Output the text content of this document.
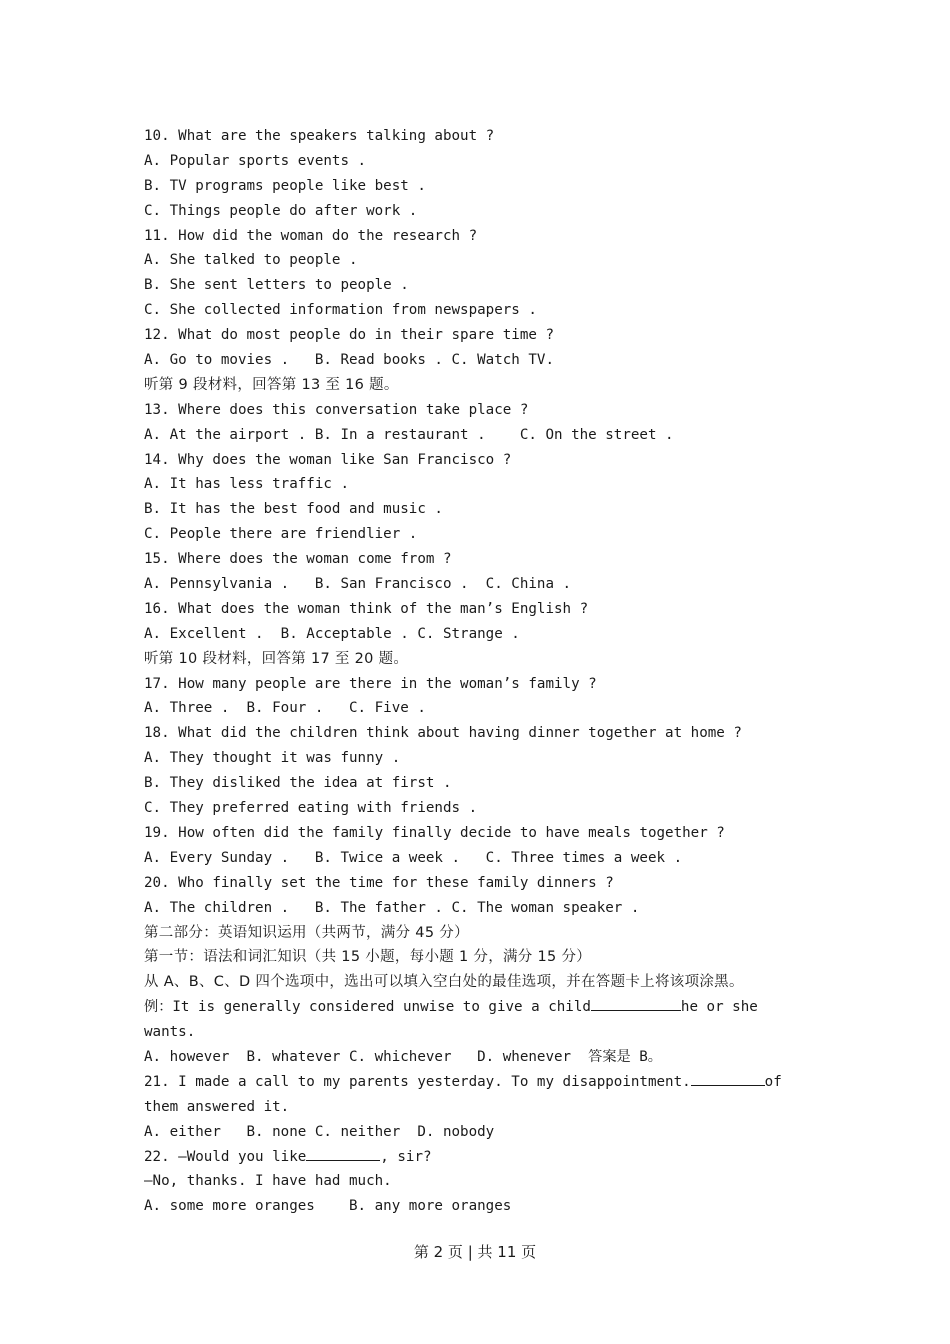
10. What are the speakers talking about ?
A. Popular sports events .
B. TV programs people like best .
C. Things people do after work .
11. How did the woman do the research ?
A. She talked to people .
B. She sent letters to people .
C. She collected information from newspapers .
12. What do most people do in their spare time ?
A. Go to movies .   B. Read books . C. Watch TV.
听第 9 段材料，回答第 13 至 16 题。
13. Where does this conversation take place ?
A. At the airport . B. In a restaurant .    C. On the street .
14. Why does the woman like San Francisco ?
A. It has less traffic .
B. It has the best food and music .
C. People there are friendlier .
15. Where does the woman come from ?
A. Pennsylvania .   B. San Francisco .  C. China .
16. What does the woman think of the man’s English ?
A. Excellent .  B. Acceptable . C. Strange .
听第 10 段材料，回答第 17 至 20 题。
17. How many people are there in the woman’s family ?
A. Three .  B. Four .   C. Five .
18. What did the children think about having dinner together at home ?
A. They thought it was funny .
B. They disliked the idea at first .
C. They preferred eating with friends .
19. How often did the family finally decide to have meals together ?
A. Every Sunday .   B. Twice a week .   C. Three times a week .
20. Who finally set the time for these family dinners ?
A. The children .   B. The father . C. The woman speaker .
第二部分：英语知识运用（共两节，满分 45 分）
第一节：语法和词汇知识（共 15 小题，每小题 1 分，满分 15 分）
从 A、B、C、D 四个选项中，选出可以填入空白处的最佳选项，并在答题卡上将该项涂黑。
例：It is generally considered unwise to give a child	he or she
wants.
A. however  B. whatever C. whichever   D. whenever  答案是 B。
21. I made a call to my parents yesterday. To my disappointment.	of
them answered it.
A. either   B. none C. neither  D. nobody
22. —Would you like	, sir?
—No, thanks. I have had much.
A. some more oranges    B. any more oranges
第 2 页 | 共 11 页
